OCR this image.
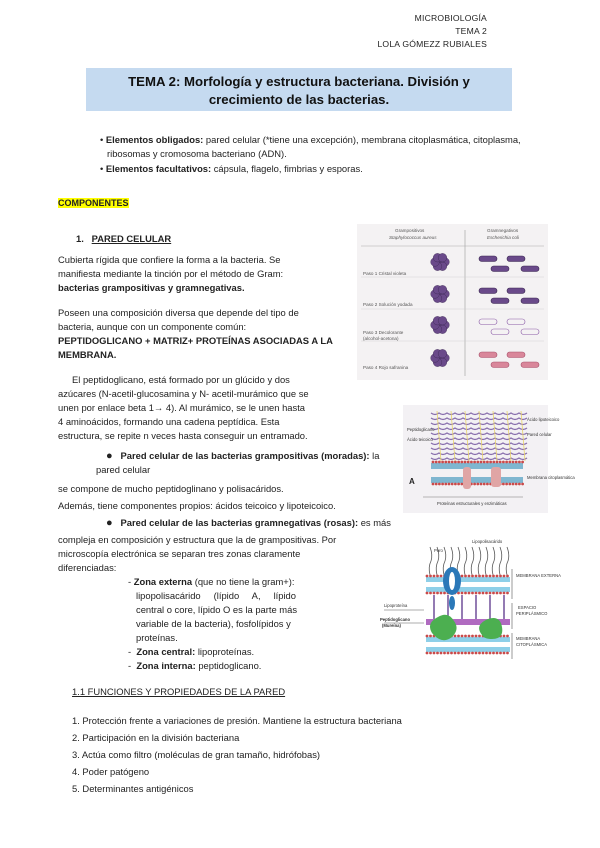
MICROBIOLOGÍA
TEMA 2
LOLA GÓMEZZ RUBIALES
TEMA 2: Morfología y estructura bacteriana. División y
crecimiento de las bacterias.
• Elementos obligados: pared celular (*tiene una excepción), membrana citoplasmática, citoplasma,
ribosomas y cromosoma bacteriano (ADN).
• Elementos facultativos: cápsula, flagelo, fimbrias y esporas.
COMPONENTES
1. PARED CELULAR
Cubierta rígida que confiere la forma a la bacteria. Se
manifiesta mediante la tinción por el método de Gram:
bacterias grampositivas y gramnegativas.
Poseen una composición diversa que depende del tipo de
bacteria, aunque con un componente común:
PEPTIDOGLICANO + MATRIZ+ PROTEÍNAS ASOCIADAS A LA
MEMBRANA.
El peptidoglicano, está formado por un glúcido y dos
azúcares (N-acetil-glucosamina y N- acetil-murámico que se
unen por enlace beta 1→ 4). Al murámico, se le unen hasta
4 aminoácidos, formando una cadena peptídica. Esta
estructura, se repite n veces hasta conseguir un entramado.
● Pared celular de las bacterias grampositivas (moradas): la
pared celular
se compone de mucho peptidoglinano y polisacáridos.
Además, tiene componentes propios: ácidos teicoico y lipoteicoico.
● Pared celular de las bacterias gramnegativas (rosas): es más
compleja en composición y estructura que la de grampositivas. Por
microscopía electrónica se separan tres zonas claramente
diferenciadas:
- Zona externa (que no tiene la gram+):
lipopolisacárido     (lípido     A,     lípido
central o core, lípido O es la parte más
variable de la bacteria), fosfolípidos y
proteínas.
-  Zona central: lipoproteínas.
-  Zona interna: peptidoglicano.
1.1 FUNCIONES Y PROPIEDADES DE LA PARED
1. Protección frente a variaciones de presión. Mantiene la estructura bacteriana
2. Participación en la división bacteriana
3. Actúa como filtro (moléculas de gran tamaño, hidrófobas)
4. Poder patógeno
5. Determinantes antigénicos
Grampositivos
Staphylococcus aureus
Gramnegativos
Escherichia coli
Paso 1 Cristal violeta
Paso 2 Solución yodada
Paso 3 Decolorante
(alcohol-acetona)
Paso 4 Rojo safranina
Peptidoglicano
Ácido teicoico
Ácido lipoteicoico
Pared celular
Membrana citoplasmática
Proteínas estructurales y enzimáticas
A
Poro
Lipopolisacárido
MEMBRANA EXTERNA
ESPACIO
PERIPLÁSMICO
Lipoproteína
Peptidoglicano
(Mureína)
MEMBRANA
CITOPLÁSMICA
